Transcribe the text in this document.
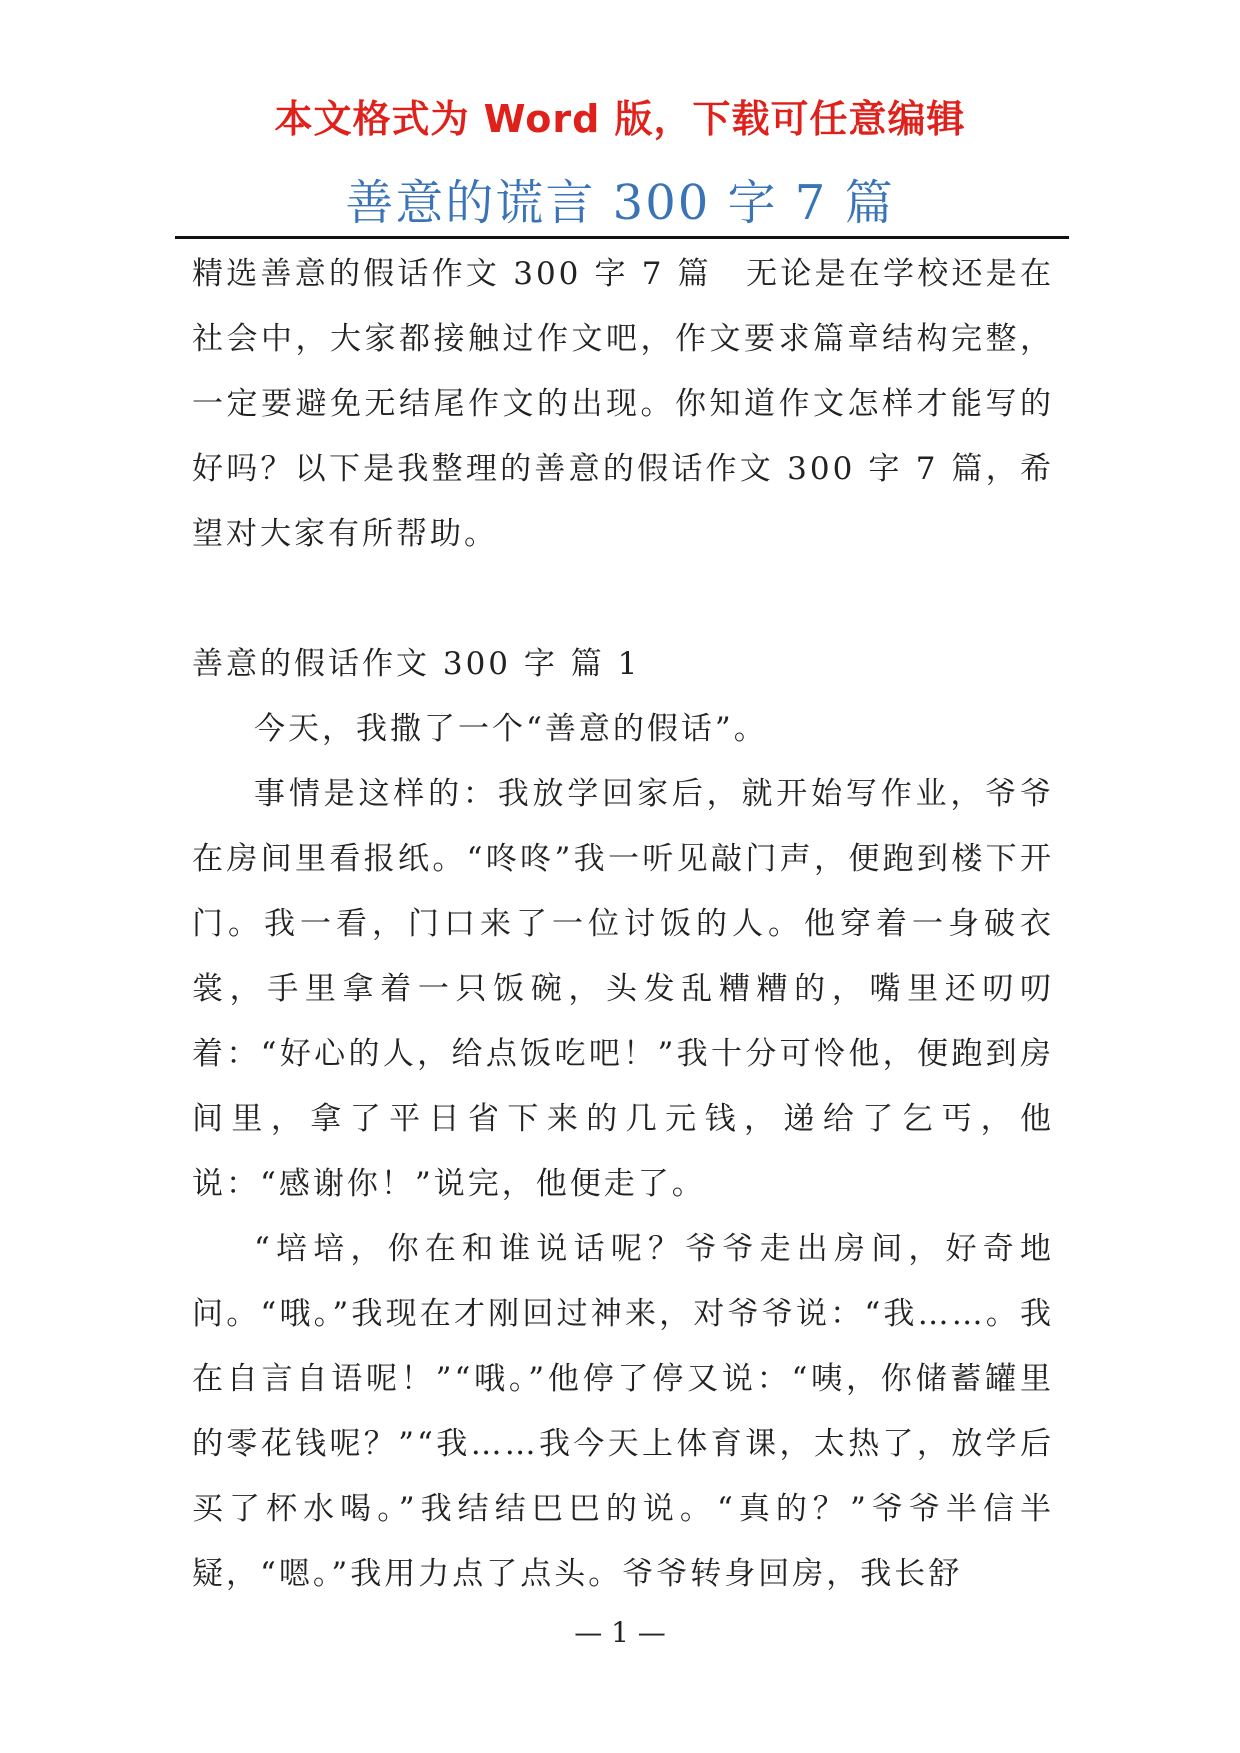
本文格式为 Word 版，下载可任意编辑
善意的谎言 300 字 7 篇

精选善意的假话作文 300 字 7 篇　无论是在学校还是在社会中，大家都接触过作文吧，作文要求篇章结构完整，一定要避免无结尾作文的出现。你知道作文怎样才能写的好吗？以下是我整理的善意的假话作文 300 字 7 篇，希望对大家有所帮助。

善意的假话作文 300 字 篇 1

今天，我撒了一个“善意的假话”。

事情是这样的：我放学回家后，就开始写作业，爷爷在房间里看报纸。“咚咚”我一听见敲门声，便跑到楼下开门。我一看，门口来了一位讨饭的人。他穿着一身破衣裳，手里拿着一只饭碗，头发乱糟糟的，嘴里还叨叨着：“好心的人，给点饭吃吧！”我十分可怜他，便跑到房间里，拿了平日省下来的几元钱，递给了乞丐，他说：“感谢你！”说完，他便走了。

“培培，你在和谁说话呢？爷爷走出房间，好奇地问。“哦。”我现在才刚回过神来，对爷爷说：“我……。我在自言自语呢！”“哦。”他停了停又说：“咦，你储蓄罐里的零花钱呢？”“我……我今天上体育课，太热了，放学后买了杯水喝。”我结结巴巴的说。“真的？”爷爷半信半疑，“嗯。”我用力点了点头。爷爷转身回房，我长舒

— 1 —
